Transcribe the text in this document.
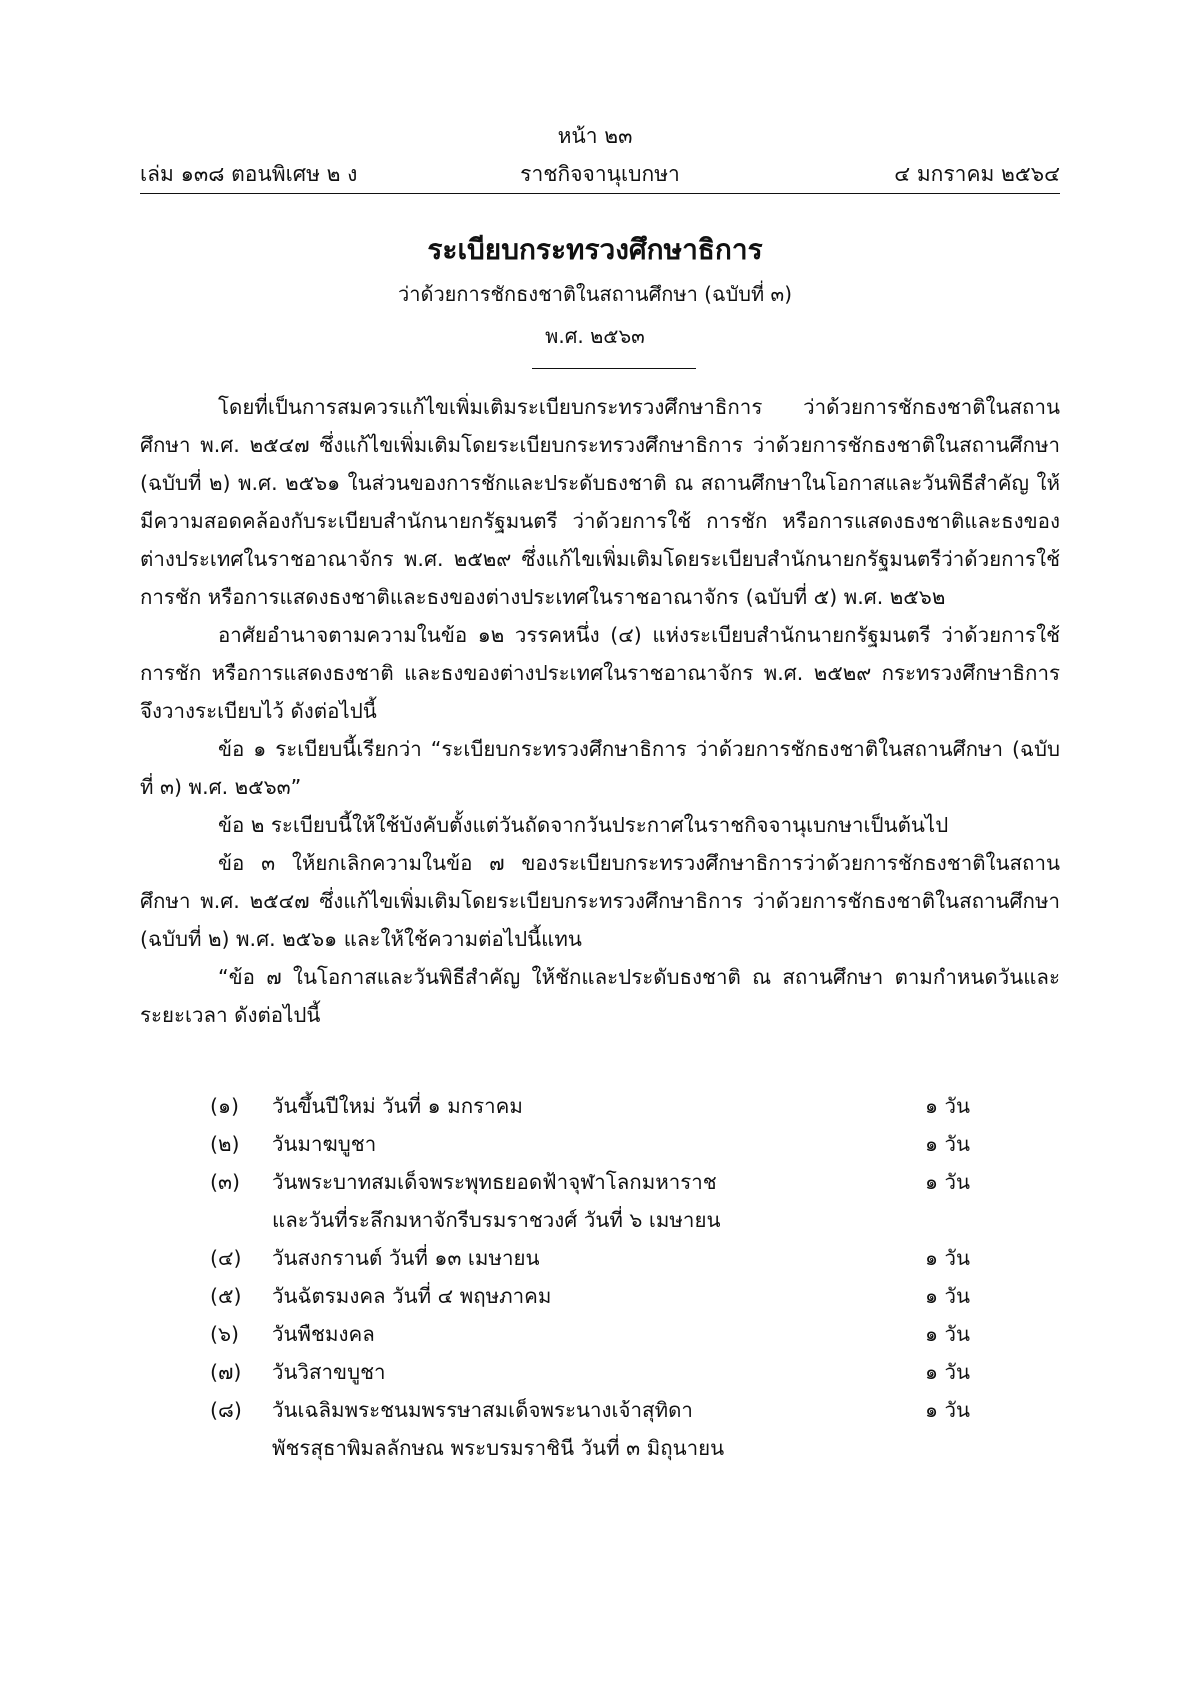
หน้า ๒๓
ราชกิจจานุเบกษา
เล่ม ๑๓๘ ตอนพิเศษ ๒ ง	๔ มกราคม ๒๕๖๔
ระเบียบกระทรวงศึกษาธิการ
ว่าด้วยการชักธงชาติในสถานศึกษา (ฉบับที่ ๓)
พ.ศ. ๒๕๖๓

โดยที่เป็นการสมควรแก้ไขเพิ่มเติมระเบียบกระทรวงศึกษาธิการ ว่าด้วยการชักธงชาติในสถานศึกษา พ.ศ. ๒๕๔๗ ซึ่งแก้ไขเพิ่มเติมโดยระเบียบกระทรวงศึกษาธิการ ว่าด้วยการชักธงชาติในสถานศึกษา (ฉบับที่ ๒) พ.ศ. ๒๕๖๑ ในส่วนของการชักและประดับธงชาติ ณ สถานศึกษาในโอกาสและวันพิธีสำคัญ ให้มีความสอดคล้องกับระเบียบสำนักนายกรัฐมนตรี ว่าด้วยการใช้ การชัก หรือการแสดงธงชาติและธงของต่างประเทศในราชอาณาจักร พ.ศ. ๒๕๒๙ ซึ่งแก้ไขเพิ่มเติมโดยระเบียบสำนักนายกรัฐมนตรีว่าด้วยการใช้ การชัก หรือการแสดงธงชาติและธงของต่างประเทศในราชอาณาจักร (ฉบับที่ ๕) พ.ศ. ๒๕๖๒

อาศัยอำนาจตามความในข้อ ๑๒ วรรคหนึ่ง (๔) แห่งระเบียบสำนักนายกรัฐมนตรี ว่าด้วยการใช้ การชัก หรือการแสดงธงชาติ และธงของต่างประเทศในราชอาณาจักร พ.ศ. ๒๕๒๙ กระทรวงศึกษาธิการ จึงวางระเบียบไว้ ดังต่อไปนี้

ข้อ ๑ ระเบียบนี้เรียกว่า “ระเบียบกระทรวงศึกษาธิการ ว่าด้วยการชักธงชาติในสถานศึกษา (ฉบับที่ ๓) พ.ศ. ๒๕๖๓”

ข้อ ๒ ระเบียบนี้ให้ใช้บังคับตั้งแต่วันถัดจากวันประกาศในราชกิจจานุเบกษาเป็นต้นไป

ข้อ ๓ ให้ยกเลิกความในข้อ ๗ ของระเบียบกระทรวงศึกษาธิการว่าด้วยการชักธงชาติในสถานศึกษา พ.ศ. ๒๕๔๗ ซึ่งแก้ไขเพิ่มเติมโดยระเบียบกระทรวงศึกษาธิการ ว่าด้วยการชักธงชาติในสถานศึกษา (ฉบับที่ ๒) พ.ศ. ๒๕๖๑ และให้ใช้ความต่อไปนี้แทน

“ข้อ ๗ ในโอกาสและวันพิธีสำคัญ ให้ชักและประดับธงชาติ ณ สถานศึกษา ตามกำหนดวันและระยะเวลา ดังต่อไปนี้

(๑) วันขึ้นปีใหม่ วันที่ ๑ มกราคม	๑ วัน
(๒) วันมาฆบูชา	๑ วัน
(๓) วันพระบาทสมเด็จพระพุทธยอดฟ้าจุฬาโลกมหาราช
และวันที่ระลึกมหาจักรีบรมราชวงศ์ วันที่ ๖ เมษายน
๑ วัน
(๔) วันสงกรานต์ วันที่ ๑๓ เมษายน	๑ วัน
(๕) วันฉัตรมงคล วันที่ ๔ พฤษภาคม	๑ วัน
(๖) วันพืชมงคล	๑ วัน
(๗) วันวิสาขบูชา	๑ วัน
(๘) วันเฉลิมพระชนมพรรษาสมเด็จพระนางเจ้าสุทิดา
พัชรสุธาพิมลลักษณ พระบรมราชินี วันที่ ๓ มิถุนายน
๑ วัน
